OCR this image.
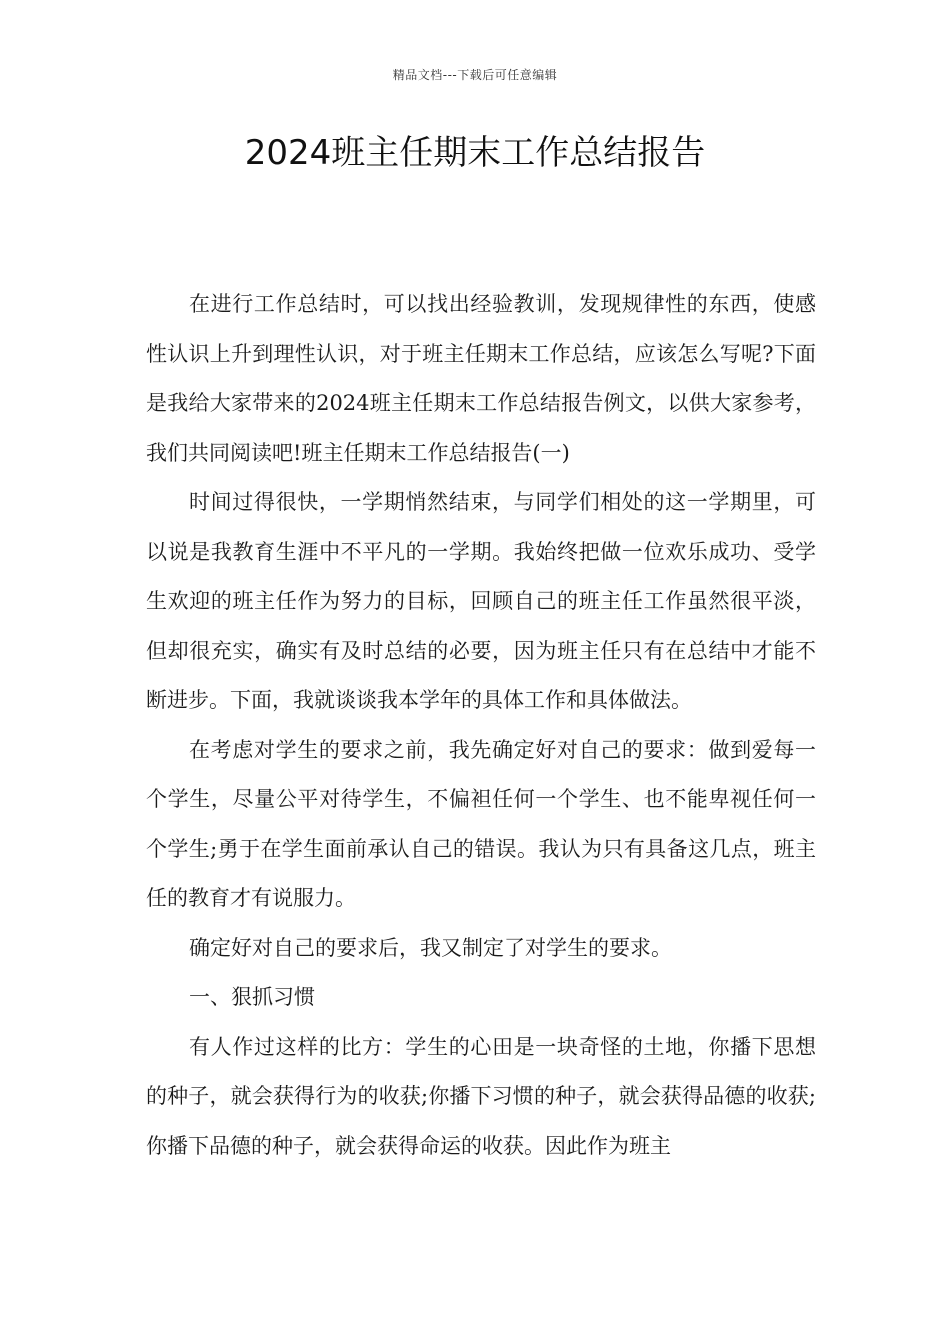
精品文档---下载后可任意编辑
2024班主任期末工作总结报告

在进行工作总结时，可以找出经验教训，发现规律性的东西，使感性认识上升到理性认识，对于班主任期末工作总结，应该怎么写呢?下面是我给大家带来的2024班主任期末工作总结报告例文，以供大家参考，我们共同阅读吧!班主任期末工作总结报告(一)

时间过得很快，一学期悄然结束，与同学们相处的这一学期里，可以说是我教育生涯中不平凡的一学期。我始终把做一位欢乐成功、受学生欢迎的班主任作为努力的目标，回顾自己的班主任工作虽然很平淡，但却很充实，确实有及时总结的必要，因为班主任只有在总结中才能不断进步。下面，我就谈谈我本学年的具体工作和具体做法。

在考虑对学生的要求之前，我先确定好对自己的要求：做到爱每一个学生，尽量公平对待学生，不偏袒任何一个学生、也不能卑视任何一个学生;勇于在学生面前承认自己的错误。我认为只有具备这几点，班主任的教育才有说服力。

确定好对自己的要求后，我又制定了对学生的要求。

一、狠抓习惯

有人作过这样的比方：学生的心田是一块奇怪的土地，你播下思想的种子，就会获得行为的收获;你播下习惯的种子，就会获得品德的收获;你播下品德的种子，就会获得命运的收获。因此作为班主
